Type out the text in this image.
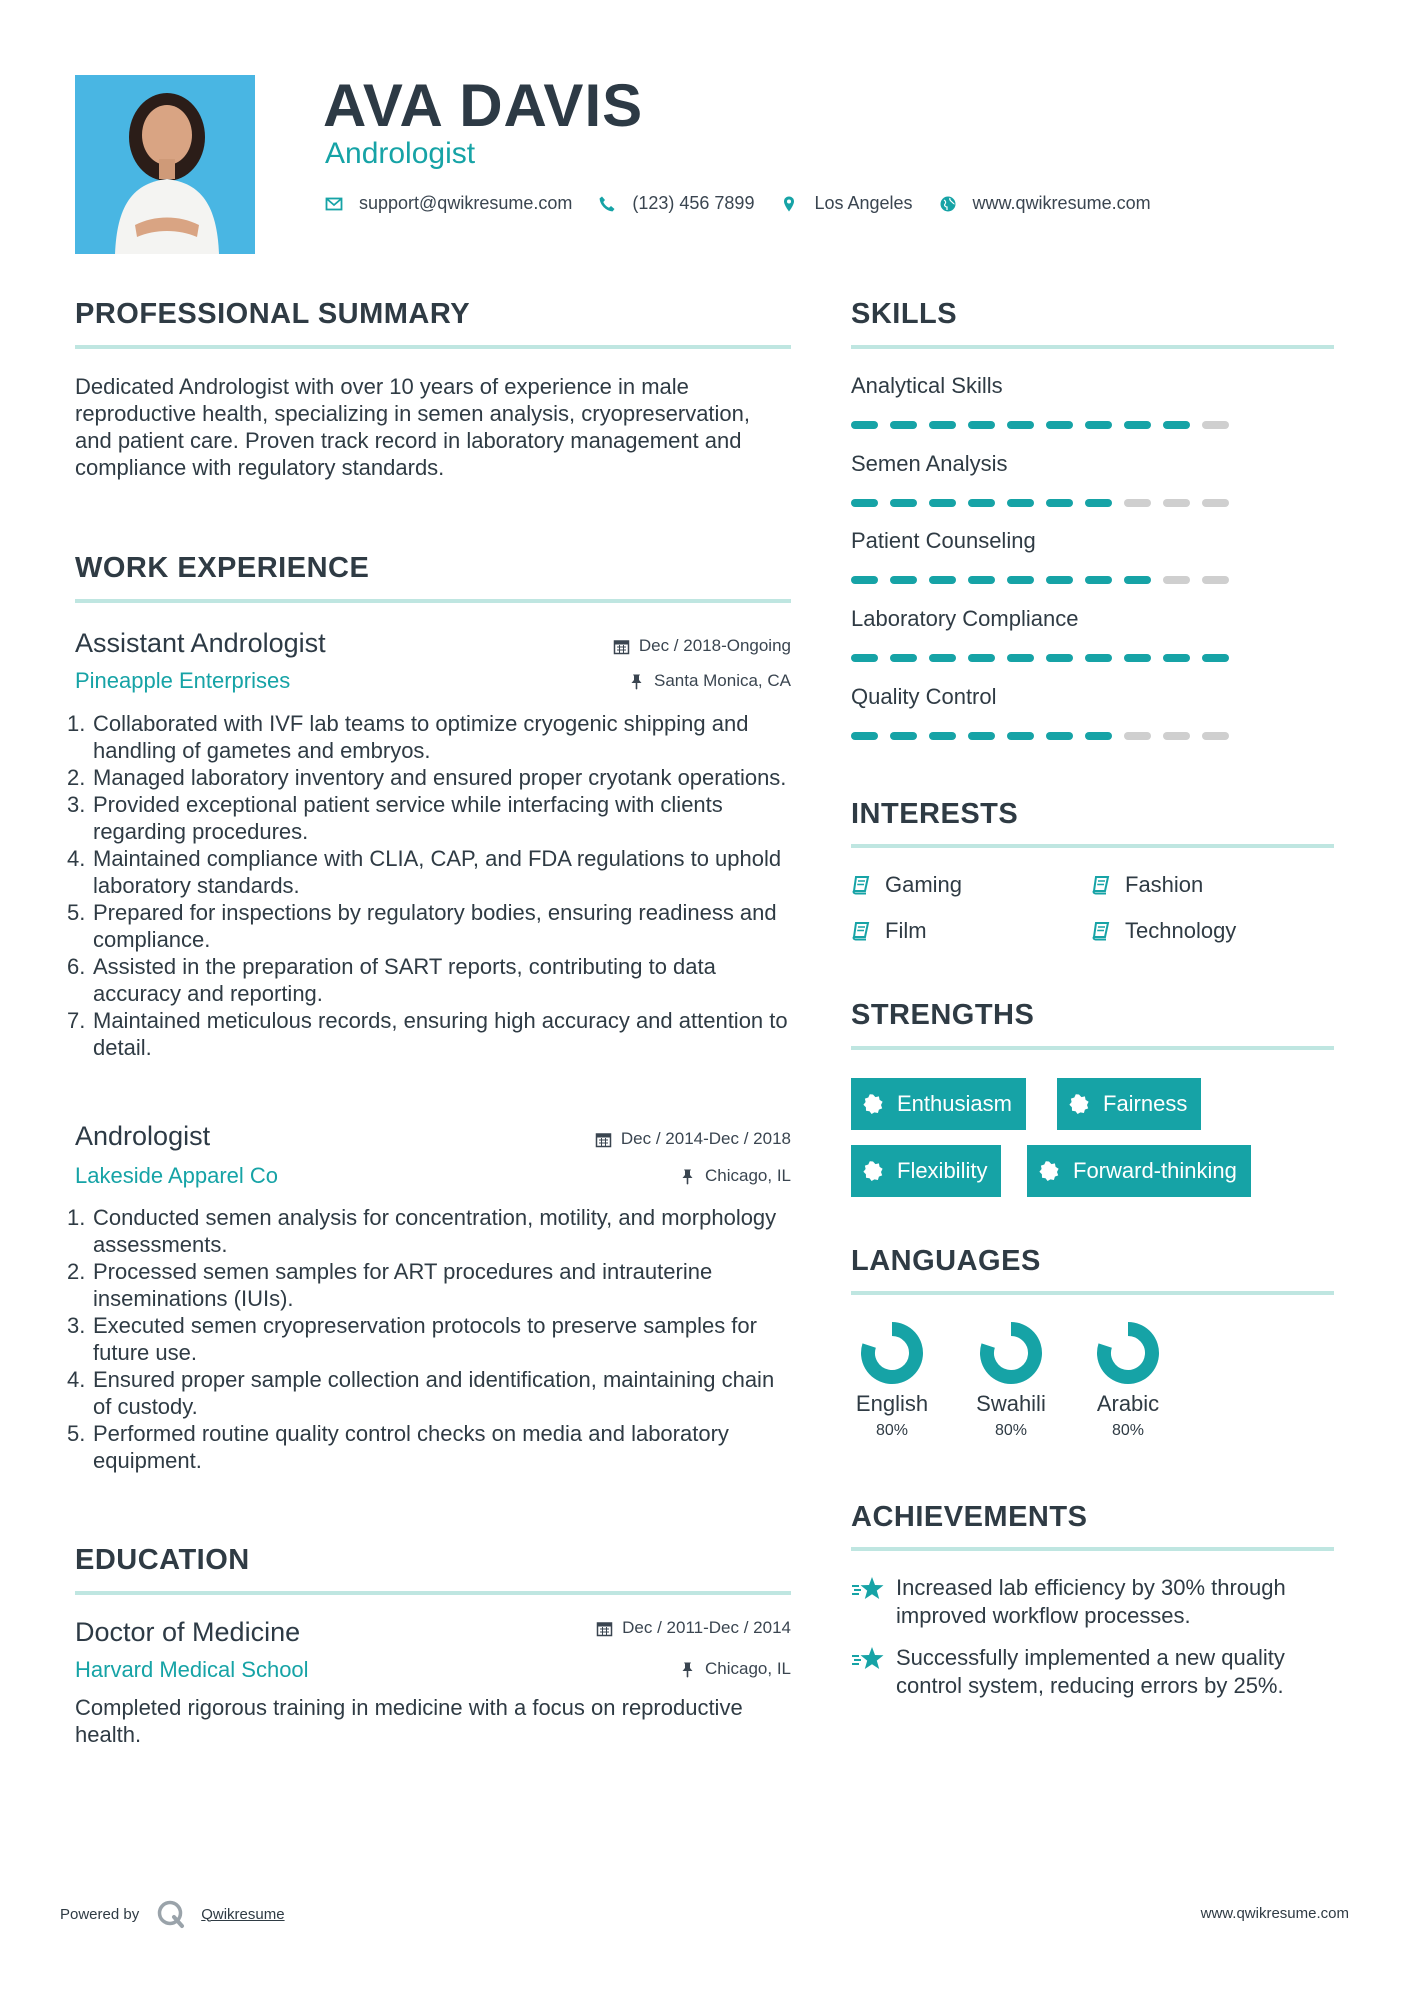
AVA DAVIS
Andrologist
support@qwikresume.com	(123) 456 7899	Los Angeles	www.qwikresume.com
PROFESSIONAL SUMMARY
Dedicated Andrologist with over 10 years of experience in male reproductive health, specializing in semen analysis, cryopreservation, and patient care. Proven track record in laboratory management and compliance with regulatory standards.
WORK EXPERIENCE
Assistant Andrologist	Dec / 2018-Ongoing
Pineapple Enterprises	Santa Monica, CA
Collaborated with IVF lab teams to optimize cryogenic shipping and handling of gametes and embryos.
Managed laboratory inventory and ensured proper cryotank operations.
Provided exceptional patient service while interfacing with clients regarding procedures.
Maintained compliance with CLIA, CAP, and FDA regulations to uphold laboratory standards.
Prepared for inspections by regulatory bodies, ensuring readiness and compliance.
Assisted in the preparation of SART reports, contributing to data accuracy and reporting.
Maintained meticulous records, ensuring high accuracy and attention to detail.
Andrologist	Dec / 2014-Dec / 2018
Lakeside Apparel Co	Chicago, IL
Conducted semen analysis for concentration, motility, and morphology assessments.
Processed semen samples for ART procedures and intrauterine inseminations (IUIs).
Executed semen cryopreservation protocols to preserve samples for future use.
Ensured proper sample collection and identification, maintaining chain of custody.
Performed routine quality control checks on media and laboratory equipment.
EDUCATION
Doctor of Medicine	Dec / 2011-Dec / 2014
Harvard Medical School	Chicago, IL
Completed rigorous training in medicine with a focus on reproductive health.
SKILLS
Analytical Skills
Semen Analysis
Patient Counseling
Laboratory Compliance
Quality Control
INTERESTS
Gaming	Fashion
Film	Technology
STRENGTHS
Enthusiasm	Fairness
Flexibility	Forward-thinking
LANGUAGES
English
80%
Swahili
80%
Arabic
80%
ACHIEVEMENTS
Increased lab efficiency by 30% through improved workflow processes.
Successfully implemented a new quality control system, reducing errors by 25%.
Powered by	Qwikresume	www.qwikresume.com
